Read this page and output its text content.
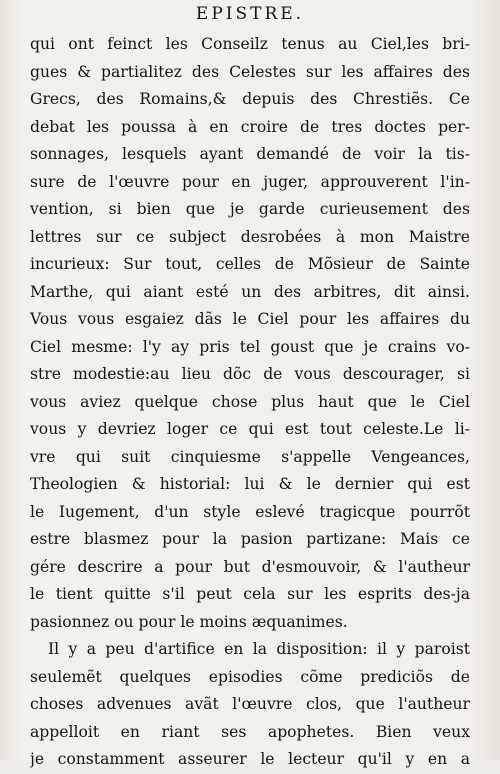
EPISTRE.
qui ont feinct les Conseilz tenus au Ciel,les bri-
gues & partialitez des Celestes sur les affaires des
Grecs, des Romains,& depuis des Chrestiẽs. Ce
debat les poussa à en croire de tres doctes per-
sonnages, lesquels ayant demandé de voir la tis-
sure de l'œuvre pour en juger, approuverent l'in-
vention, si bien que je garde curieusement des
lettres sur ce subject desrobées à mon Maistre
incurieux: Sur tout, celles de Mõsieur de Sainte
Marthe, qui aiant esté un des arbitres, dit ainsi.
Vous vous esgaiez dãs le Ciel pour les affaires du
Ciel mesme: l'y ay pris tel goust que je crains vo-
stre modestie:au lieu dõc de vous descourager, si
vous aviez quelque chose plus haut que le Ciel
vous y devriez loger ce qui est tout celeste.Le li-
vre qui suit cinquiesme s'appelle Vengeances,
Theologien & historial: lui & le dernier qui est
le Iugement, d'un style eslevé tragicque pourrõt
estre blasmez pour la pasion partizane: Mais ce
gére descrire a pour but d'esmouvoir, & l'autheur
le tient quitte s'il peut cela sur les esprits des-ja
pasionnez ou pour le moins æquanimes.
Il y a peu d'artifice en la disposition: il y paroist
seulemẽt quelques episodies cõme prediciõs de
choses advenues avãt l'œuvre clos, que l'autheur
appelloit en riant ses apophetes. Bien veux
je constamment asseurer le lecteur qu'il y en a
